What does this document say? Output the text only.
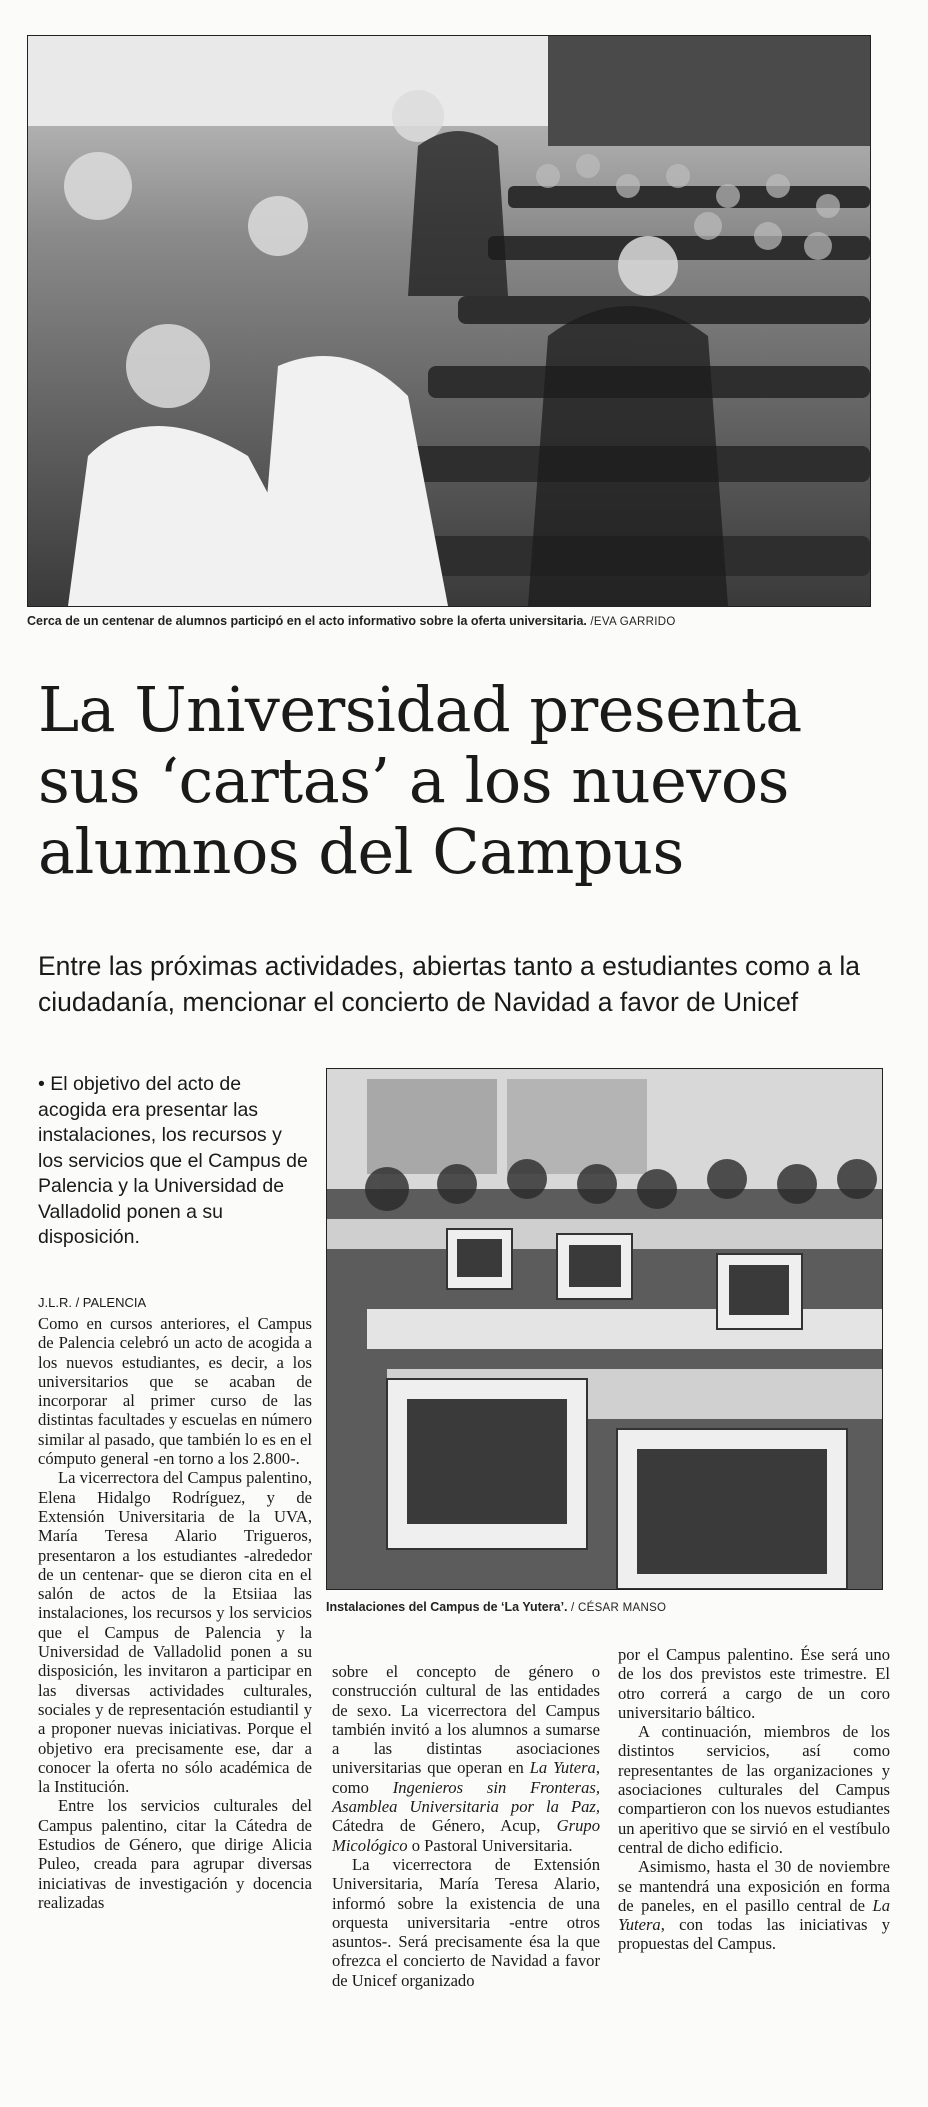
Cerca de un centenar de alumnos participó en el acto informativo sobre la oferta universitaria. /EVA GARRIDO
La Universidad presenta sus ‘cartas’ a los nuevos alumnos del Campus

Entre las próximas actividades, abiertas tanto a estudiantes como a la ciudadanía, mencionar el concierto de Navidad a favor de Unicef

• El objetivo del acto de acogida era presentar las instalaciones, los recursos y los servicios que el Campus de Palencia y la Universidad de Valladolid ponen a su disposición.

J.L.R. / PALENCIA
Instalaciones del Campus de ‘La Yutera’. / CÉSAR MANSO

Como en cursos anteriores, el Campus de Palencia celebró un acto de acogida a los nuevos estudiantes, es decir, a los universitarios que se acaban de incorporar al primer curso de las distintas facultades y escuelas en número similar al pasado, que también lo es en el cómputo general -en torno a los 2.800-.

La vicerrectora del Campus palentino, Elena Hidalgo Rodríguez, y de Extensión Universitaria de la UVA, María Teresa Alario Trigueros, presentaron a los estudiantes -alrededor de un centenar- que se dieron cita en el salón de actos de la Etsiiaa las instalaciones, los recursos y los servicios que el Campus de Palencia y la Universidad de Valladolid ponen a su disposición, les invitaron a participar en las diversas actividades culturales, sociales y de representación estudiantil y a proponer nuevas iniciativas. Porque el objetivo era precisamente ese, dar a conocer la oferta no sólo académica de la Institución.

Entre los servicios culturales del Campus palentino, citar la Cátedra de Estudios de Género, que dirige Alicia Puleo, creada para agrupar diversas iniciativas de investigación y docencia realizadas

sobre el concepto de género o construcción cultural de las entidades de sexo. La vicerrectora del Campus también invitó a los alumnos a sumarse a las distintas asociaciones universitarias que operan en La Yutera, como Ingenieros sin Fronteras, Asamblea Universitaria por la Paz, Cátedra de Género, Acup, Grupo Micológico o Pastoral Universitaria.

La vicerrectora de Extensión Universitaria, María Teresa Alario, informó sobre la existencia de una orquesta universitaria -entre otros asuntos-. Será precisamente ésa la que ofrezca el concierto de Navidad a favor de Unicef organizado

por el Campus palentino. Ése será uno de los dos previstos este trimestre. El otro correrá a cargo de un coro universitario báltico.

A continuación, miembros de los distintos servicios, así como representantes de las organizaciones y asociaciones culturales del Campus compartieron con los nuevos estudiantes un aperitivo que se sirvió en el vestíbulo central de dicho edificio.

Asimismo, hasta el 30 de noviembre se mantendrá una exposición en forma de paneles, en el pasillo central de La Yutera, con todas las iniciativas y propuestas del Campus.
